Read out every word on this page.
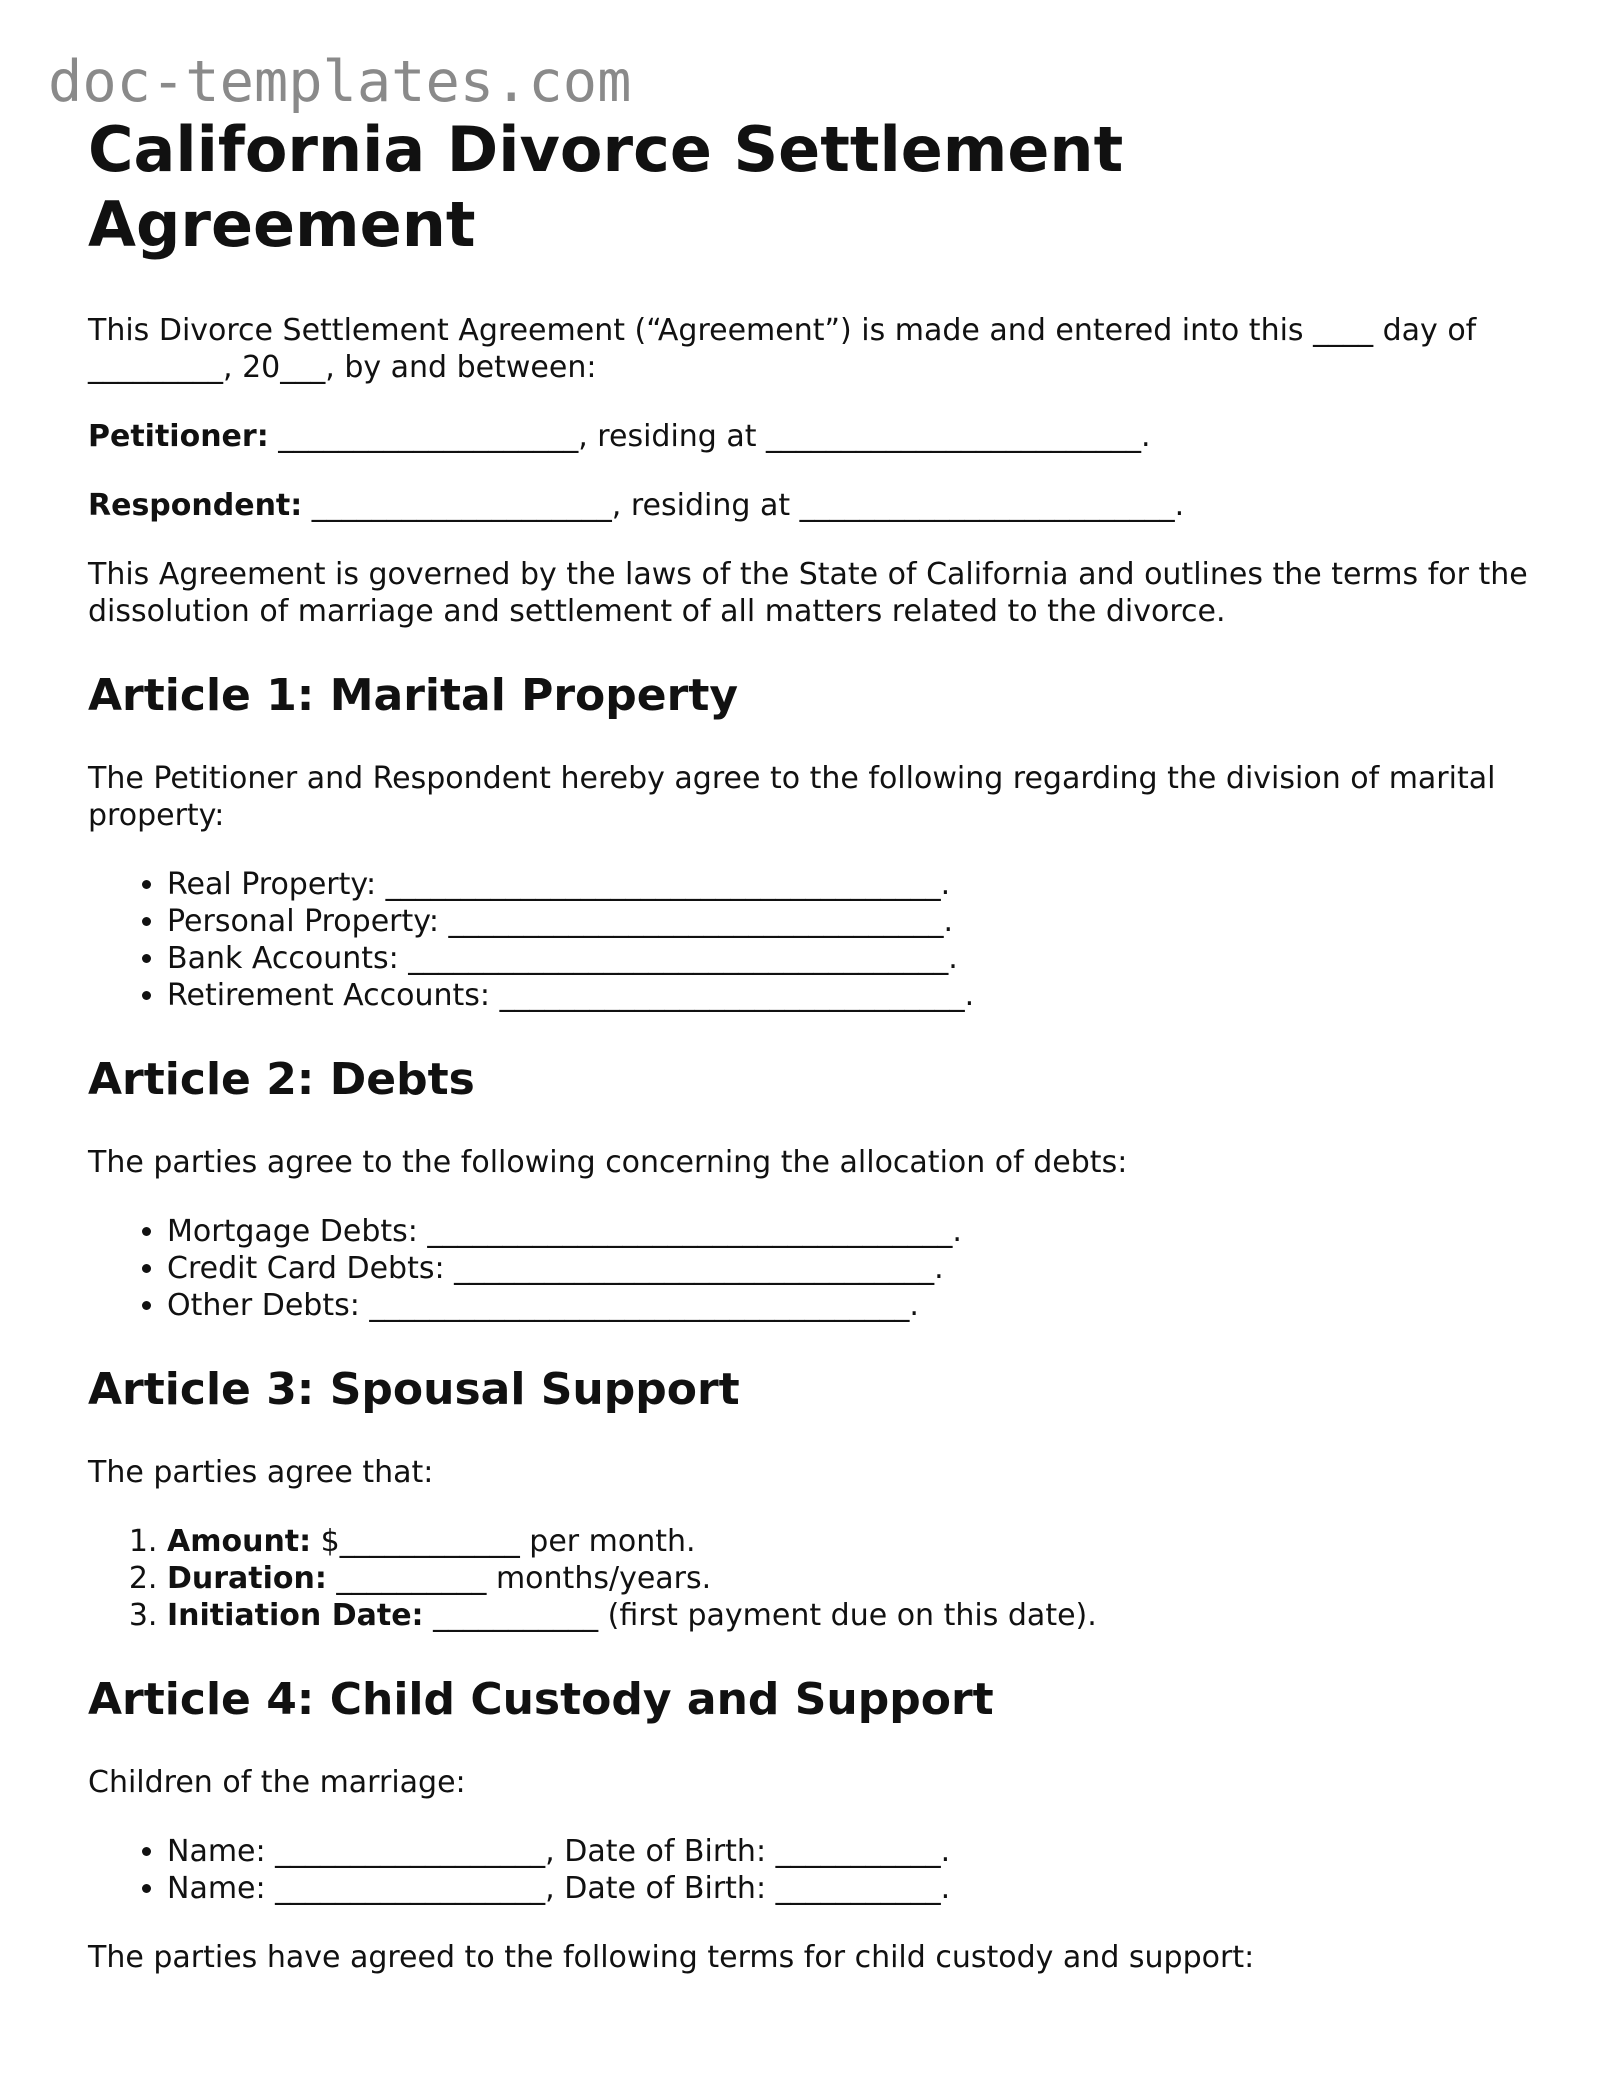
doc-templates.com
California Divorce Settlement Agreement

This Divorce Settlement Agreement (“Agreement”) is made and entered into this ____ day of _________, 20___, by and between:

Petitioner: ____________________, residing at _________________________.

Respondent: ____________________, residing at _________________________.

This Agreement is governed by the laws of the State of California and outlines the terms for the dissolution of marriage and settlement of all matters related to the divorce.

Article 1: Marital Property

The Petitioner and Respondent hereby agree to the following regarding the division of marital property:

• Real Property: _____________________________________.
• Personal Property: _________________________________.
• Bank Accounts: ____________________________________.
• Retirement Accounts: _______________________________.
Article 2: Debts

The parties agree to the following concerning the allocation of debts:

• Mortgage Debts: ___________________________________.
• Credit Card Debts: ________________________________.
• Other Debts: ____________________________________.
Article 3: Spousal Support

The parties agree that:

1. Amount: $____________ per month.
2. Duration: __________ months/years.
3. Initiation Date: ___________ (first payment due on this date).
Article 4: Child Custody and Support

Children of the marriage:

• Name: __________________, Date of Birth: ___________.
• Name: __________________, Date of Birth: ___________.

The parties have agreed to the following terms for child custody and support:
